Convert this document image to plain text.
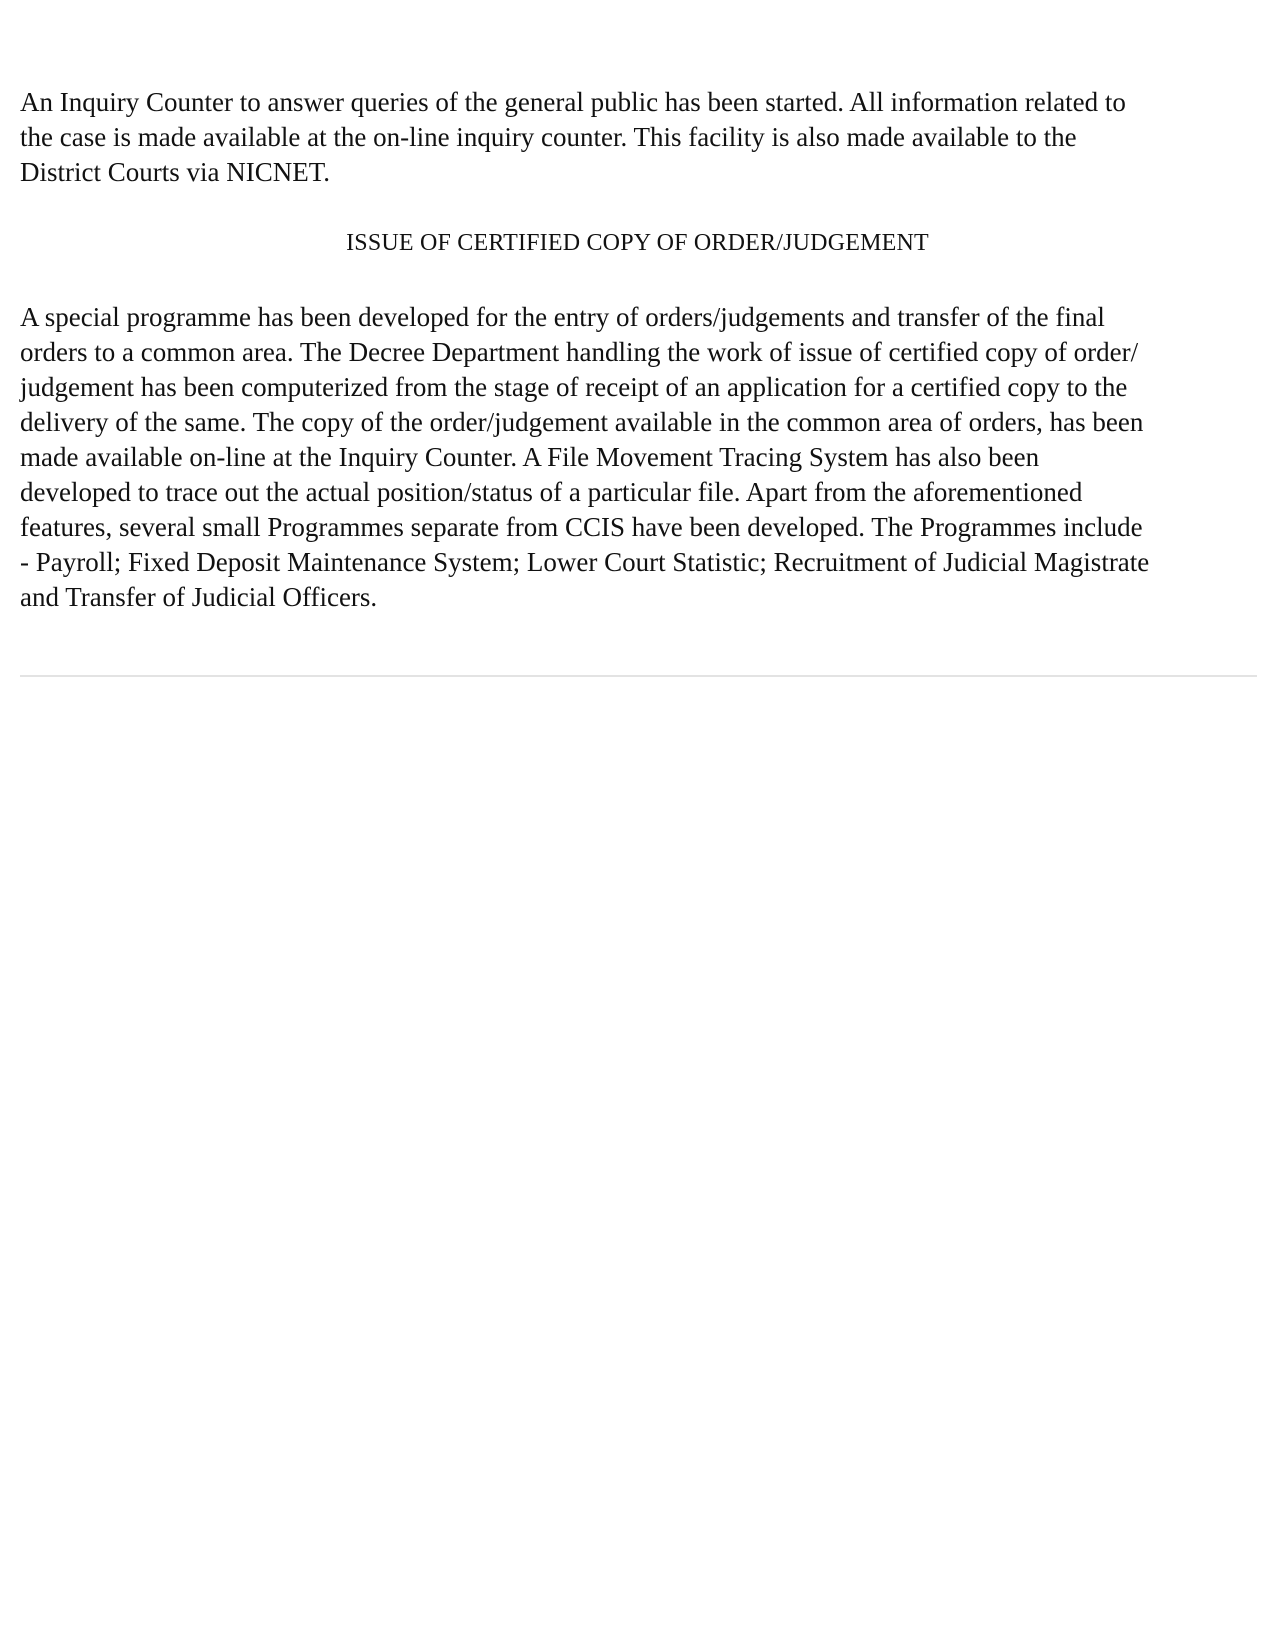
An Inquiry Counter to answer queries of the general public has been started. All information related to
the case is made available at the on-line inquiry counter. This facility is also made available to the
District Courts via NICNET.

ISSUE OF CERTIFIED COPY OF ORDER/JUDGEMENT

A special programme has been developed for the entry of orders/judgements and transfer of the final
orders to a common area. The Decree Department handling the work of issue of certified copy of order/
judgement has been computerized from the stage of receipt of an application for a certified copy to the
delivery of the same. The copy of the order/judgement available in the common area of orders, has been
made available on-line at the Inquiry Counter. A File Movement Tracing System has also been
developed to trace out the actual position/status of a particular file. Apart from the aforementioned
features, several small Programmes separate from CCIS have been developed. The Programmes include
- Payroll; Fixed Deposit Maintenance System; Lower Court Statistic; Recruitment of Judicial Magistrate
and Transfer of Judicial Officers.
